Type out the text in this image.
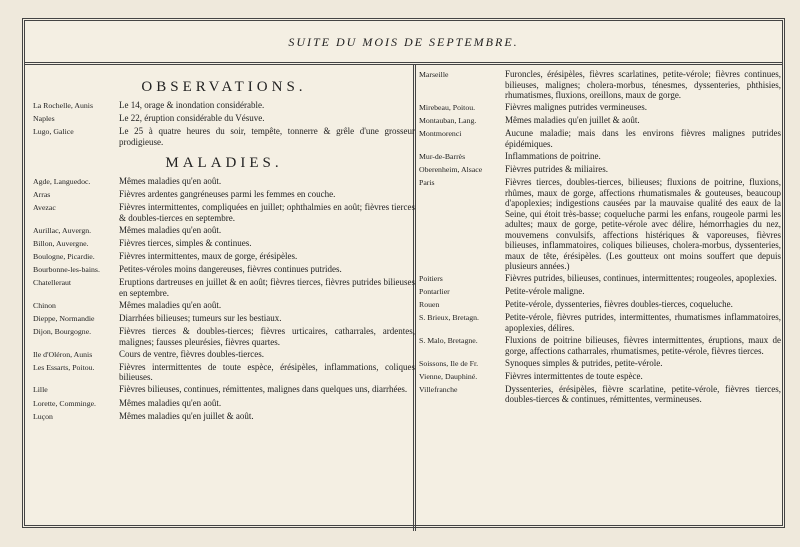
SUITE DU MOIS DE SEPTEMBRE.
OBSERVATIONS.
La Rochelle, Aunis	Le 14, orage & inondation considérable.
Naples	Le 22, éruption considérable du Vésuve.
Lugo, Galice	Le 25 à quatre heures du soir, tempête, tonnerre & grêle d'une grosseur prodigieuse.
MALADIES.
Agde, Languedoc.	Mêmes maladies qu'en août.
Arras	Fièvres ardentes gangréneuses parmi les femmes en couche.
Avezac	Fièvres intermittentes, compliquées en juillet; ophthalmies en août; fièvres tierces & doubles-tierces en septembre.
Aurillac, Auvergn.	Mêmes maladies qu'en août.
Billon, Auvergne.	Fièvres tierces, simples & continues.
Boulogne, Picardie.	Fièvres intermittentes, maux de gorge, érésipèles.
Bourbonne-les-bains.	Petites-véroles moins dangereuses, fièvres continues putrides.
Chatelleraut	Eruptions dartreuses en juillet & en août; fièvres tierces, fièvres putrides bilieuses en septembre.
Chinon	Mêmes maladies qu'en août.
Dieppe, Normandie	Diarrhées bilieuses; tumeurs sur les bestiaux.
Dijon, Bourgogne.	Fièvres tierces & doubles-tierces; fièvres urticaires, catharrales, ardentes, malignes; fausses pleurésies, fièvres quartes.
Ile d'Oléron, Aunis	Cours de ventre, fièvres doubles-tierces.
Les Essarts, Poitou.	Fièvres intermittentes de toute espèce, érésipèles, inflammations, coliques bilieuses.
Lille	Fièvres bilieuses, continues, rémittentes, malignes dans quelques uns, diarrhées.
Lorette, Comminge.	Mêmes maladies qu'en août.
Luçon	Mêmes maladies qu'en juillet & août.
Marseille	Furoncles, érésipèles, fièvres scarlatines, petite-vérole; fièvres continues, bilieuses, malignes; cholera-morbus, ténesmes, dyssenteries, phthisies, rhumatismes, fluxions, oreillons, maux de gorge.
Mirebeau, Poitou.	Fièvres malignes putrides vermineuses.
Montauban, Lang.	Mêmes maladies qu'en juillet & août.
Montmorenci	Aucune maladie; mais dans les environs fièvres malignes putrides épidémiques.
Mur-de-Barrès	Inflammations de poitrine.
Oberenheim, Alsace	Fièvres putrides & miliaires.
Paris	Fièvres tierces, doubles-tierces, bilieuses; fluxions de poitrine, fluxions, rhûmes, maux de gorge, affections rhumatismales & gouteuses, beaucoup d'apoplexies; indigestions causées par la mauvaise qualité des eaux de la Seine, qui étoit très-basse; coqueluche parmi les enfans, rougeole parmi les adultes; maux de gorge, petite-vérole avec délire, hémorrhagies du nez, mouvemens convulsifs, affections histériques & vaporeuses, fièvres bilieuses, inflammatoires, coliques bilieuses, cholera-morbus, dyssenteries, maux de tête, érésipèles. (Les goutteux ont moins souffert que depuis plusieurs années.)
Poitiers	Fièvres putrides, bilieuses, continues, intermittentes; rougeoles, apoplexies.
Pontarlier	Petite-vérole maligne.
Rouen	Petite-vérole, dyssenteries, fièvres doubles-tierces, coqueluche.
S. Brieux, Bretagn.	Petite-vérole, fièvres putrides, intermittentes, rhumatismes inflammatoires, apoplexies, délires.
S. Malo, Bretagne.	Fluxions de poitrine bilieuses, fièvres intermittentes, éruptions, maux de gorge, affections catharrales, rhumatismes, petite-vérole, fièvres tierces.
Soissons, Ile de Fr.	Synoques simples & putrides, petite-vérole.
Vienne, Dauphiné.	Fièvres intermittentes de toute espèce.
Villefranche	Dyssenteries, érésipèles, fièvre scarlatine, petite-vérole, fièvres tierces, doubles-tierces & continues, rémittentes, vermineuses.
